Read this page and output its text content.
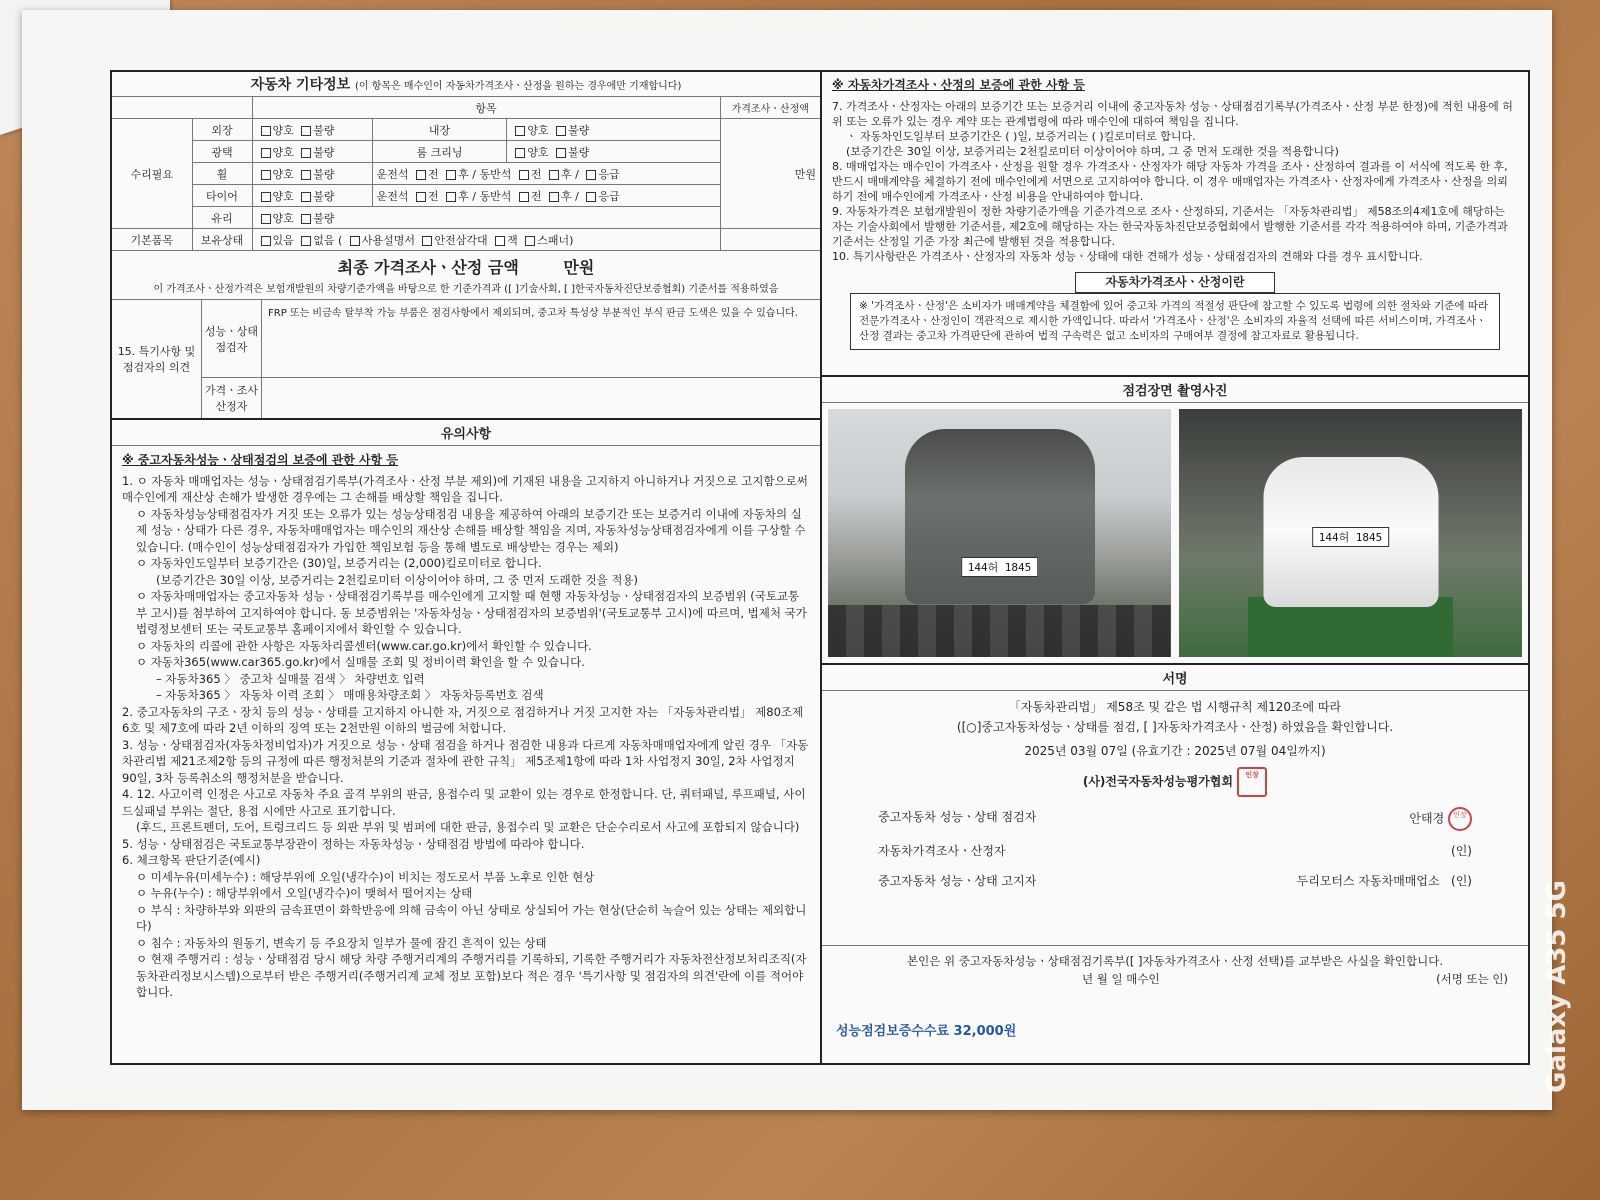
자동차 기타정보 (이 항목은 매수인이 자동차가격조사ㆍ산정을 원하는 경우에만 기재합니다)
		항목			가격조사ㆍ산정액
수리필요	외장	양호 불량	내장	양호 불량	만원
	광택	양호 불량	룸 크리닝	양호 불량	
	휠	양호 불량	운전석 전 후 / 동반석 전 후 / 응급		
	타이어	양호 불량	운전석 전 후 / 동반석 전 후 / 응급		
	유리	양호 불량			
기본품목	보유상태	있음 없음 ( 사용설명서 안전삼각대 잭 스패너)			
최종 가격조사ㆍ산정 금액	만원
이 가격조사ㆍ산정가격은 보험개발원의 차량기준가액을 바탕으로 한 기준가격과 ([ ]기술사회, [ ]한국자동차진단보증협회) 기준서를 적용하였음
15. 특기사항 및 점검자의 의견
성능ㆍ상태 점검자
FRP 또는 비금속 탈부착 가능 부품은 점검사항에서 제외되며, 중고차 특성상 부분적인 부식 판금 도색은 있을 수 있습니다.
가격ㆍ조사 산정자
유의사항
※ 중고자동차성능ㆍ상태점검의 보증에 관한 사항 등

1. ㅇ 자동차 매매업자는 성능ㆍ상태점검기록부(가격조사ㆍ산정 부분 제외)에 기재된 내용을 고지하지 아니하거나 거짓으로 고지함으로써 매수인에게 재산상 손해가 발생한 경우에는 그 손해를 배상할 책임을 집니다.

ㅇ 자동차성능상태점검자가 거짓 또는 오류가 있는 성능상태점검 내용을 제공하여 아래의 보증기간 또는 보증거리 이내에 자동차의 실제 성능ㆍ상태가 다른 경우, 자동차매매업자는 매수인의 재산상 손해를 배상할 책임을 지며, 자동차성능상태점검자에게 이를 구상할 수 있습니다. (매수인이 성능상태점검자가 가입한 책임보험 등을 통해 별도로 배상받는 경우는 제외)

ㅇ 자동차인도일부터 보증기간은 (30)일, 보증거리는 (2,000)킬로미터로 합니다.

(보증기간은 30일 이상, 보증거리는 2천킬로미터 이상이어야 하며, 그 중 먼저 도래한 것을 적용)

ㅇ 자동차매매업자는 중고자동차 성능ㆍ상태점검기록부를 매수인에게 고지할 때 현행 자동차성능ㆍ상태점검자의 보증범위 (국토교통부 고시)를 첨부하여 고지하여야 합니다. 동 보증범위는 '자동차성능ㆍ상태점검자의 보증범위'(국토교통부 고시)에 따르며, 법제처 국가법령정보센터 또는 국토교통부 홈페이지에서 확인할 수 있습니다.

ㅇ 자동차의 리콜에 관한 사항은 자동차리콜센터(www.car.go.kr)에서 확인할 수 있습니다.

ㅇ 자동차365(www.car365.go.kr)에서 실매물 조회 및 정비이력 확인을 할 수 있습니다.

– 자동차365 〉 중고차 실매물 검색 〉 차량번호 입력

– 자동차365 〉 자동차 이력 조회 〉 매매용차량조회 〉 자동차등록번호 검색

2. 중고자동차의 구조ㆍ장치 등의 성능ㆍ상태를 고지하지 아니한 자, 거짓으로 점검하거나 거짓 고지한 자는 「자동차관리법」 제80조제6호 및 제7호에 따라 2년 이하의 징역 또는 2천만원 이하의 벌금에 처합니다.

3. 성능ㆍ상태점검자(자동차정비업자)가 거짓으로 성능ㆍ상태 점검을 하거나 점검한 내용과 다르게 자동차매매업자에게 알린 경우 「자동차관리법 제21조제2항 등의 규정에 따른 행정처분의 기준과 절차에 관한 규칙」 제5조제1항에 따라 1차 사업정지 30일, 2차 사업정지 90일, 3차 등록취소의 행정처분을 받습니다.

4. 12. 사고이력 인정은 사고로 자동차 주요 골격 부위의 판금, 용접수리 및 교환이 있는 경우로 한정합니다. 단, 쿼터패널, 루프패널, 사이드실패널 부위는 절단, 용접 시에만 사고로 표기합니다.

(후드, 프론트펜더, 도어, 트렁크리드 등 외판 부위 및 범퍼에 대한 판금, 용접수리 및 교환은 단순수리로서 사고에 포함되지 않습니다)

5. 성능ㆍ상태점검은 국토교통부장관이 정하는 자동차성능ㆍ상태점검 방법에 따라야 합니다.

6. 체크항목 판단기준(예시)

ㅇ 미세누유(미세누수) : 해당부위에 오일(냉각수)이 비치는 정도로서 부품 노후로 인한 현상

ㅇ 누유(누수) : 해당부위에서 오일(냉각수)이 맺혀서 떨어지는 상태

ㅇ 부식 : 차량하부와 외판의 금속표면이 화학반응에 의해 금속이 아닌 상태로 상실되어 가는 현상(단순히 녹슬어 있는 상태는 제외합니다)

ㅇ 침수 : 자동차의 원동기, 변속기 등 주요장치 일부가 물에 잠긴 흔적이 있는 상태

ㅇ 현재 주행거리 : 성능ㆍ상태점검 당시 해당 차량 주행거리계의 주행거리를 기록하되, 기록한 주행거리가 자동차전산정보처리조직(자동차관리정보시스템)으로부터 받은 주행거리(주행거리계 교체 정보 포함)보다 적은 경우 '특기사항 및 점검자의 의견'란에 이를 적어야 합니다.

※ 자동차가격조사ㆍ산정의 보증에 관한 사항 등

7. 가격조사ㆍ산정자는 아래의 보증기간 또는 보증거리 이내에 중고자동차 성능ㆍ상태점검기록부(가격조사ㆍ산정 부분 한정)에 적힌 내용에 허위 또는 오류가 있는 경우 계약 또는 관계법령에 따라 매수인에 대하여 책임을 집니다.

ㆍ 자동차인도일부터 보증기간은 ( )일, 보증거리는 ( )킬로미터로 합니다.

(보증기간은 30일 이상, 보증거리는 2천킬로미터 이상이어야 하며, 그 중 먼저 도래한 것을 적용합니다)

8. 매매업자는 매수인이 가격조사ㆍ산정을 원할 경우 가격조사ㆍ산정자가 해당 자동차 가격을 조사ㆍ산정하여 결과를 이 서식에 적도록 한 후, 반드시 매매계약을 체결하기 전에 매수인에게 서면으로 고지하여야 합니다. 이 경우 매매업자는 가격조사ㆍ산정자에게 가격조사ㆍ산정을 의뢰하기 전에 매수인에게 가격조사ㆍ산정 비용을 안내하여야 합니다.

9. 자동차가격은 보험개발원이 정한 차량기준가액을 기준가격으로 조사ㆍ산정하되, 기준서는 「자동차관리법」 제58조의4제1호에 해당하는 자는 기술사회에서 발행한 기준서를, 제2호에 해당하는 자는 한국자동차진단보증협회에서 발행한 기준서를 각각 적용하여야 하며, 기준가격과 기준서는 산정일 기준 가장 최근에 발행된 것을 적용합니다.

10. 특기사항란은 가격조사ㆍ산정자의 자동차 성능ㆍ상태에 대한 견해가 성능ㆍ상태점검자의 견해와 다를 경우 표시합니다.

자동차가격조사ㆍ산정이란
※ '가격조사ㆍ산정'은 소비자가 매매계약을 체결함에 있어 중고차 가격의 적절성 판단에 참고할 수 있도록 법령에 의한 절차와 기준에 따라 전문가격조사ㆍ산정인이 객관적으로 제시한 가액입니다. 따라서 '가격조사ㆍ산정'은 소비자의 자율적 선택에 따른 서비스이며, 가격조사ㆍ산정 결과는 중고차 가격판단에 관하여 법적 구속력은 없고 소비자의 구매여부 결정에 참고자료로 활용됩니다.
점검장면 촬영사진
144허 1845
144허 1845
서명
「자동차관리법」 제58조 및 같은 법 시행규칙 제120조에 따라
([○]중고자동차성능ㆍ상태를 점검, [ ]자동차가격조사ㆍ산정) 하였음을 확인합니다.
2025년 03월 07일 (유효기간 : 2025년 07월 04일까지)
(사)전국자동차성능평가협회 인장
중고자동차 성능ㆍ상태 점검자	안태경 인장
자동차가격조사ㆍ산정자	(인)
중고자동차 성능ㆍ상태 고지자	두리모터스 자동차매매업소 (인)
본인은 위 중고자동차성능ㆍ상태점검기록부([ ]자동차가격조사ㆍ산정 선택)를 교부받은 사실을 확인합니다.
년 월 일 매수인	(서명 또는 인)
성능점검보증수수료 32,000원	Galaxy A35 5G
